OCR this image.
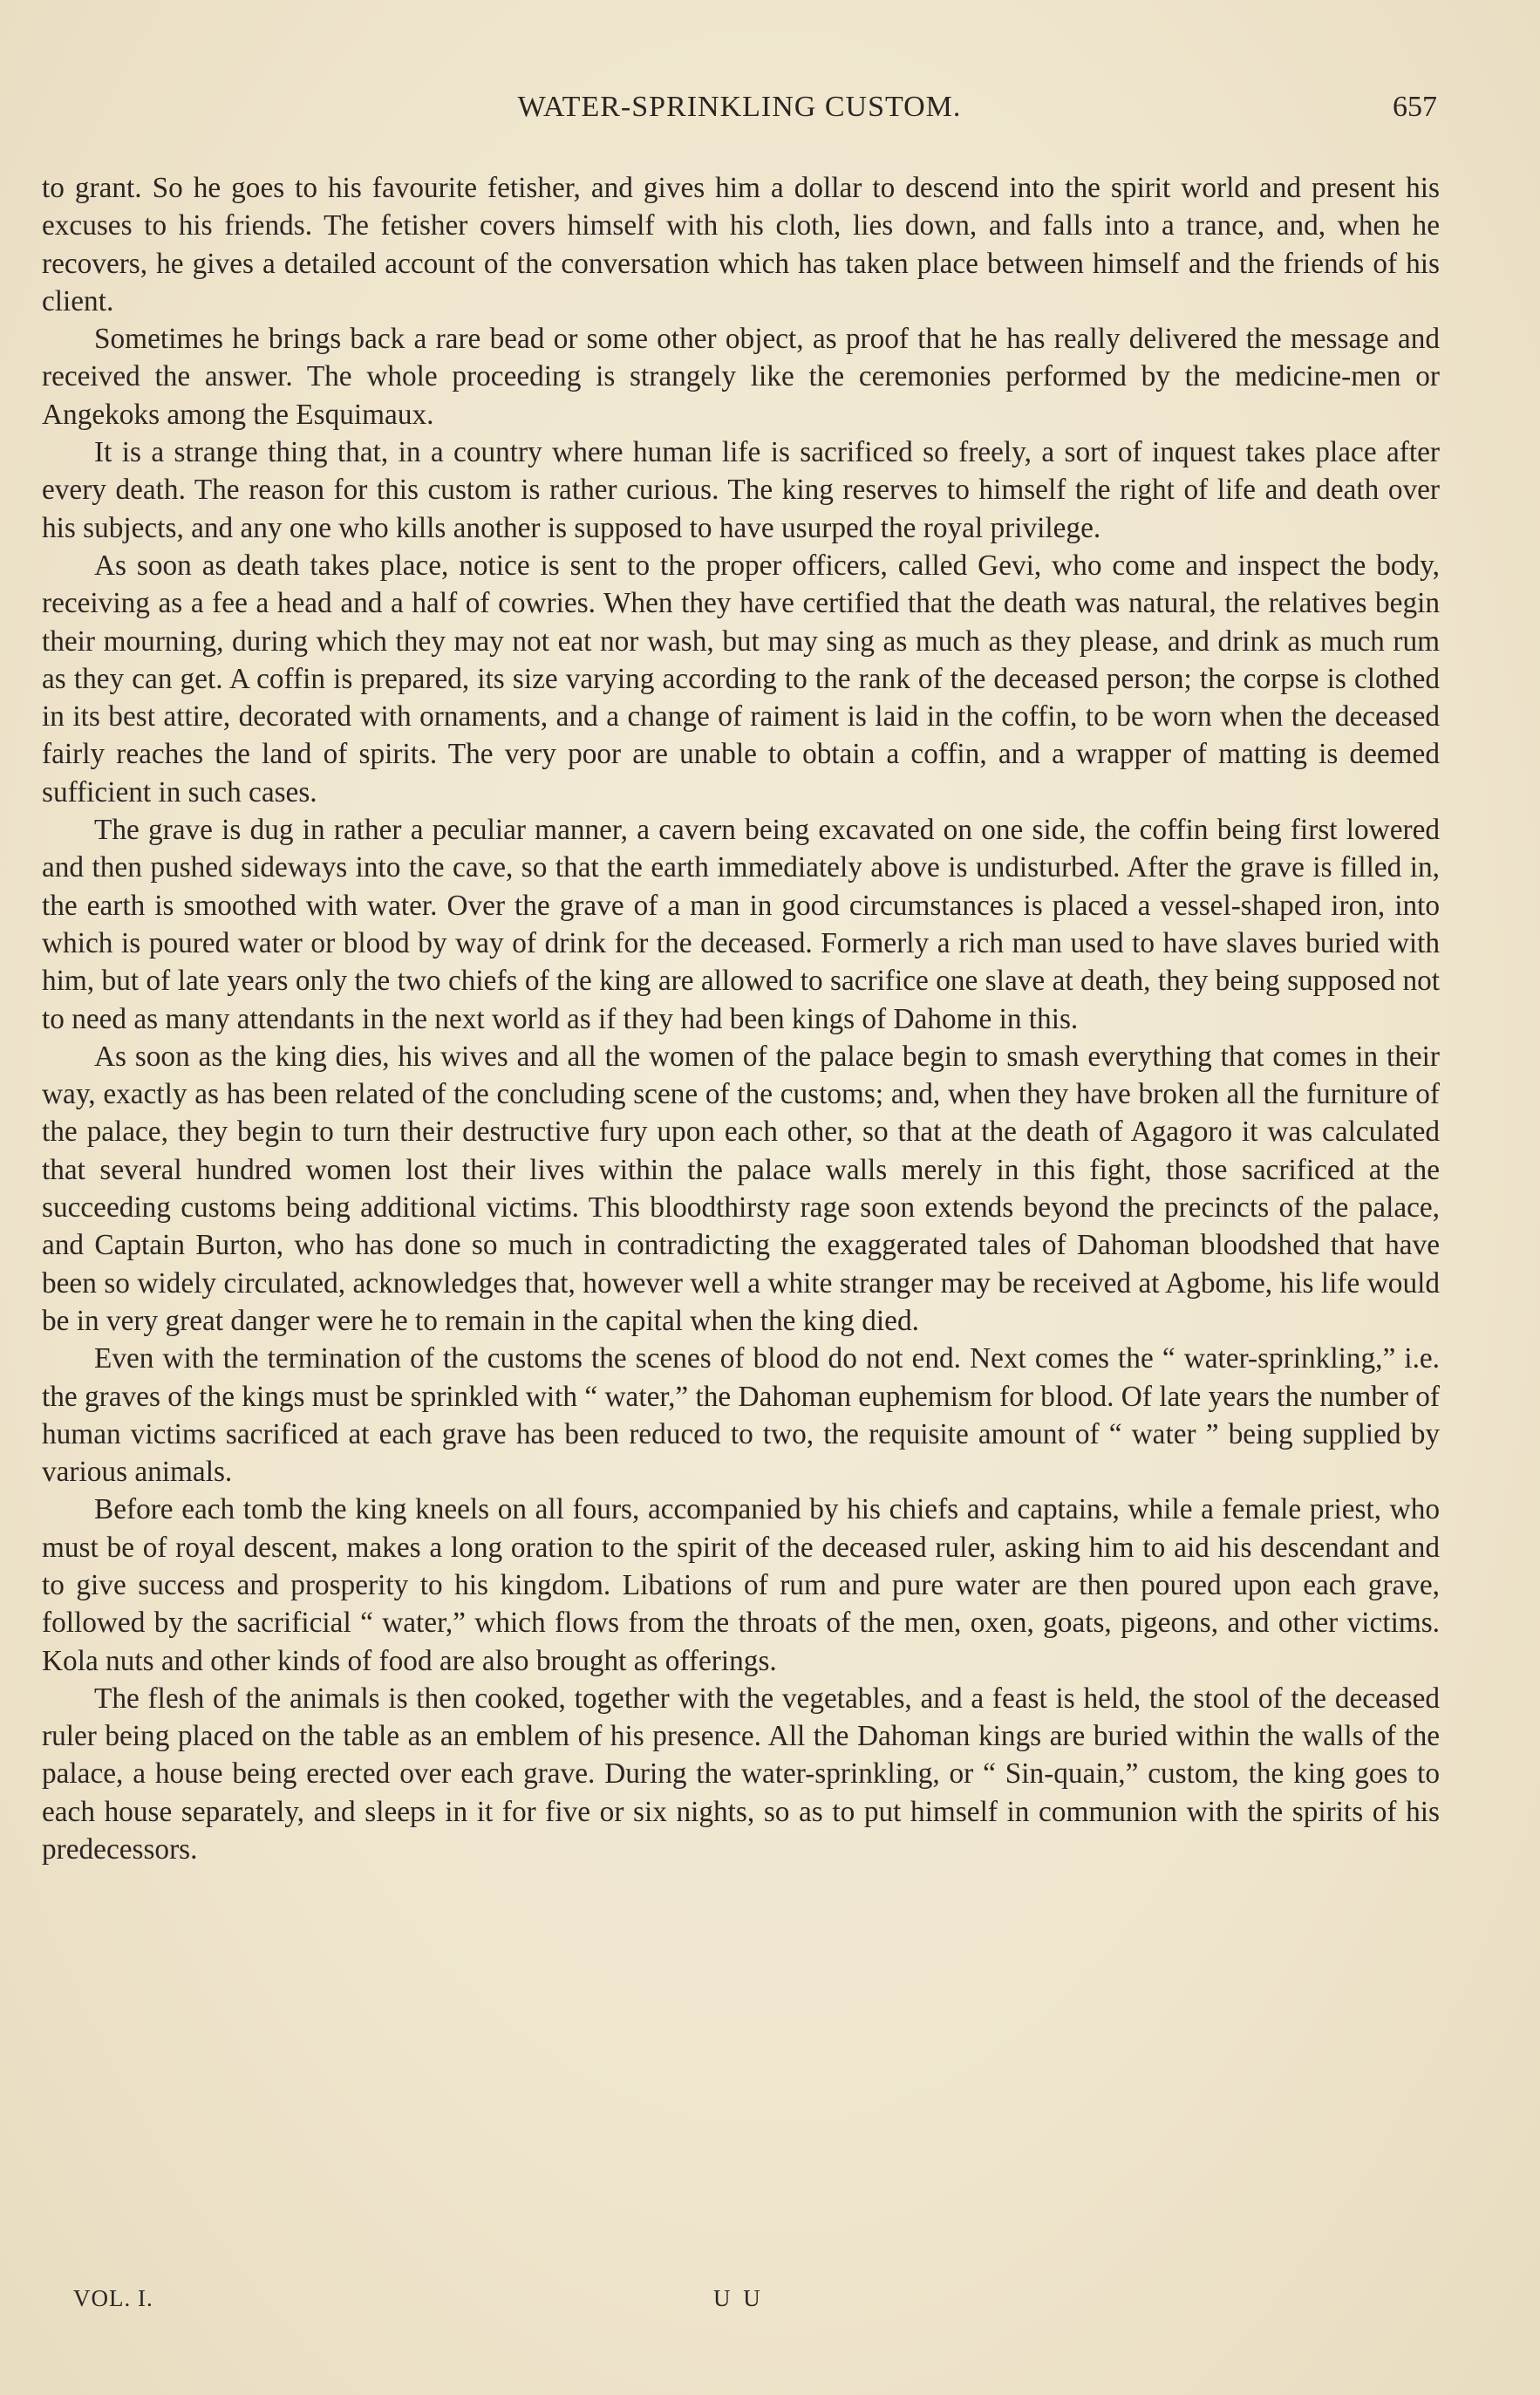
WATER-SPRINKLING CUSTOM.	657

to grant. So he goes to his favourite fetisher, and gives him a dollar to descend into the spirit world and present his excuses to his friends. The fetisher covers himself with his cloth, lies down, and falls into a trance, and, when he recovers, he gives a detailed account of the conversation which has taken place between himself and the friends of his client.

Sometimes he brings back a rare bead or some other object, as proof that he has really delivered the message and received the answer. The whole proceeding is strangely like the ceremonies performed by the medicine-men or Angekoks among the Esquimaux.

It is a strange thing that, in a country where human life is sacrificed so freely, a sort of inquest takes place after every death. The reason for this custom is rather curious. The king reserves to himself the right of life and death over his subjects, and any one who kills another is supposed to have usurped the royal privilege.

As soon as death takes place, notice is sent to the proper officers, called Gevi, who come and inspect the body, receiving as a fee a head and a half of cowries. When they have certified that the death was natural, the relatives begin their mourning, during which they may not eat nor wash, but may sing as much as they please, and drink as much rum as they can get. A coffin is prepared, its size varying according to the rank of the deceased person; the corpse is clothed in its best attire, decorated with ornaments, and a change of raiment is laid in the coffin, to be worn when the deceased fairly reaches the land of spirits. The very poor are unable to obtain a coffin, and a wrapper of matting is deemed sufficient in such cases.

The grave is dug in rather a peculiar manner, a cavern being excavated on one side, the coffin being first lowered and then pushed sideways into the cave, so that the earth immediately above is undisturbed. After the grave is filled in, the earth is smoothed with water. Over the grave of a man in good circumstances is placed a vessel-shaped iron, into which is poured water or blood by way of drink for the deceased. Formerly a rich man used to have slaves buried with him, but of late years only the two chiefs of the king are allowed to sacrifice one slave at death, they being supposed not to need as many attendants in the next world as if they had been kings of Dahome in this.

As soon as the king dies, his wives and all the women of the palace begin to smash everything that comes in their way, exactly as has been related of the concluding scene of the customs; and, when they have broken all the furniture of the palace, they begin to turn their destructive fury upon each other, so that at the death of Agagoro it was calculated that several hundred women lost their lives within the palace walls merely in this fight, those sacrificed at the succeeding customs being additional victims. This bloodthirsty rage soon extends beyond the precincts of the palace, and Captain Burton, who has done so much in contradicting the exaggerated tales of Dahoman bloodshed that have been so widely circulated, acknowledges that, however well a white stranger may be received at Agbome, his life would be in very great danger were he to remain in the capital when the king died.

Even with the termination of the customs the scenes of blood do not end. Next comes the “ water-sprinkling,” i.e. the graves of the kings must be sprinkled with “ water,” the Dahoman euphemism for blood. Of late years the number of human victims sacrificed at each grave has been reduced to two, the requisite amount of “ water ” being supplied by various animals.

Before each tomb the king kneels on all fours, accompanied by his chiefs and captains, while a female priest, who must be of royal descent, makes a long oration to the spirit of the deceased ruler, asking him to aid his descendant and to give success and prosperity to his kingdom. Libations of rum and pure water are then poured upon each grave, followed by the sacrificial “ water,” which flows from the throats of the men, oxen, goats, pigeons, and other victims. Kola nuts and other kinds of food are also brought as offerings.

The flesh of the animals is then cooked, together with the vegetables, and a feast is held, the stool of the deceased ruler being placed on the table as an emblem of his presence. All the Dahoman kings are buried within the walls of the palace, a house being erected over each grave. During the water-sprinkling, or “ Sin-quain,” custom, the king goes to each house separately, and sleeps in it for five or six nights, so as to put himself in communion with the spirits of his predecessors.

VOL. I.	U U
